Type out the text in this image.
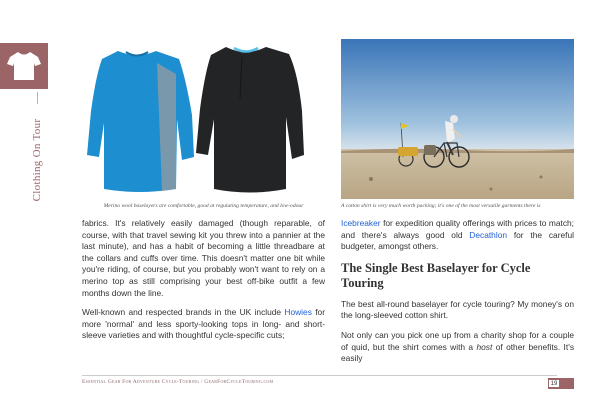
Clothing On Tour
Merino wool baselayers are comfortable, good at regulating temperature, and low-odour	A cotton shirt is very much worth packing; it's one of the most versatile garments there is

fabrics. It's relatively easily damaged (though reparable, of course, with that travel sewing kit you threw into a pannier at the last minute), and has a habit of becoming a little threadbare at the collars and cuffs over time. This doesn't matter one bit while you're riding, of course, but you probably won't want to rely on a merino top as still comprising your best off-bike outfit a few months down the line.

Well-known and respected brands in the UK include Howies for more 'normal' and less sporty-looking tops in long- and short-sleeve varieties and with thoughtful cycle-specific cuts;

Icebreaker for expedition quality offerings with prices to match; and there's always good old Decathlon for the careful budgeter, amongst others.

The Single Best Baselayer for Cycle Touring

The best all-round baselayer for cycle touring? My money's on the long-sleeved cotton shirt.

Not only can you pick one up from a charity shop for a couple of quid, but the shirt comes with a host of other benefits. It's easily

Essential Gear For Adventure Cycle-Touring / GearForCycleTouring.com	19
